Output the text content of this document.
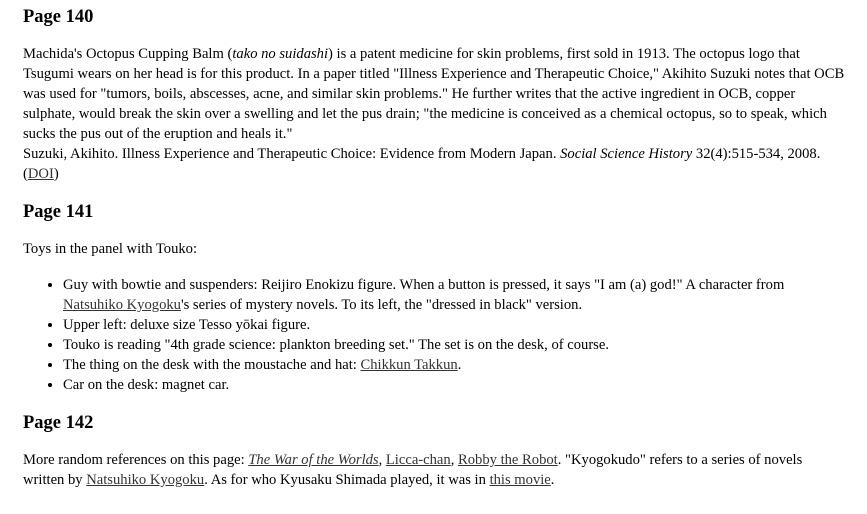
Page 140

Machida's Octopus Cupping Balm (tako no suidashi) is a patent medicine for skin problems, first sold in 1913. The octopus logo that Tsugumi wears on her head is for this product. In a paper titled "Illness Experience and Therapeutic Choice," Akihito Suzuki notes that OCB was used for "tumors, boils, abscesses, acne, and similar skin problems." He further writes that the active ingredient in OCB, copper sulphate, would break the skin over a swelling and let the pus drain; "the medicine is conceived as a chemical octopus, so to speak, which sucks the pus out of the eruption and heals it."

Suzuki, Akihito. Illness Experience and Therapeutic Choice: Evidence from Modern Japan. Social Science History 32(4):515-534, 2008. (DOI)

Page 141

Toys in the panel with Touko:

• Guy with bowtie and suspenders: Reijiro Enokizu figure. When a button is pressed, it says "I am (a) god!" A character from Natsuhiko Kyogoku's series of mystery novels. To its left, the "dressed in black" version.
• Upper left: deluxe size Tesso yōkai figure.
• Touko is reading "4th grade science: plankton breeding set." The set is on the desk, of course.
• The thing on the desk with the moustache and hat: Chikkun Takkun.
• Car on the desk: magnet car.
Page 142

More random references on this page: The War of the Worlds, Licca-chan, Robby the Robot. "Kyogokudo" refers to a series of novels written by Natsuhiko Kyogoku. As for who Kyusaku Shimada played, it was in this movie.
